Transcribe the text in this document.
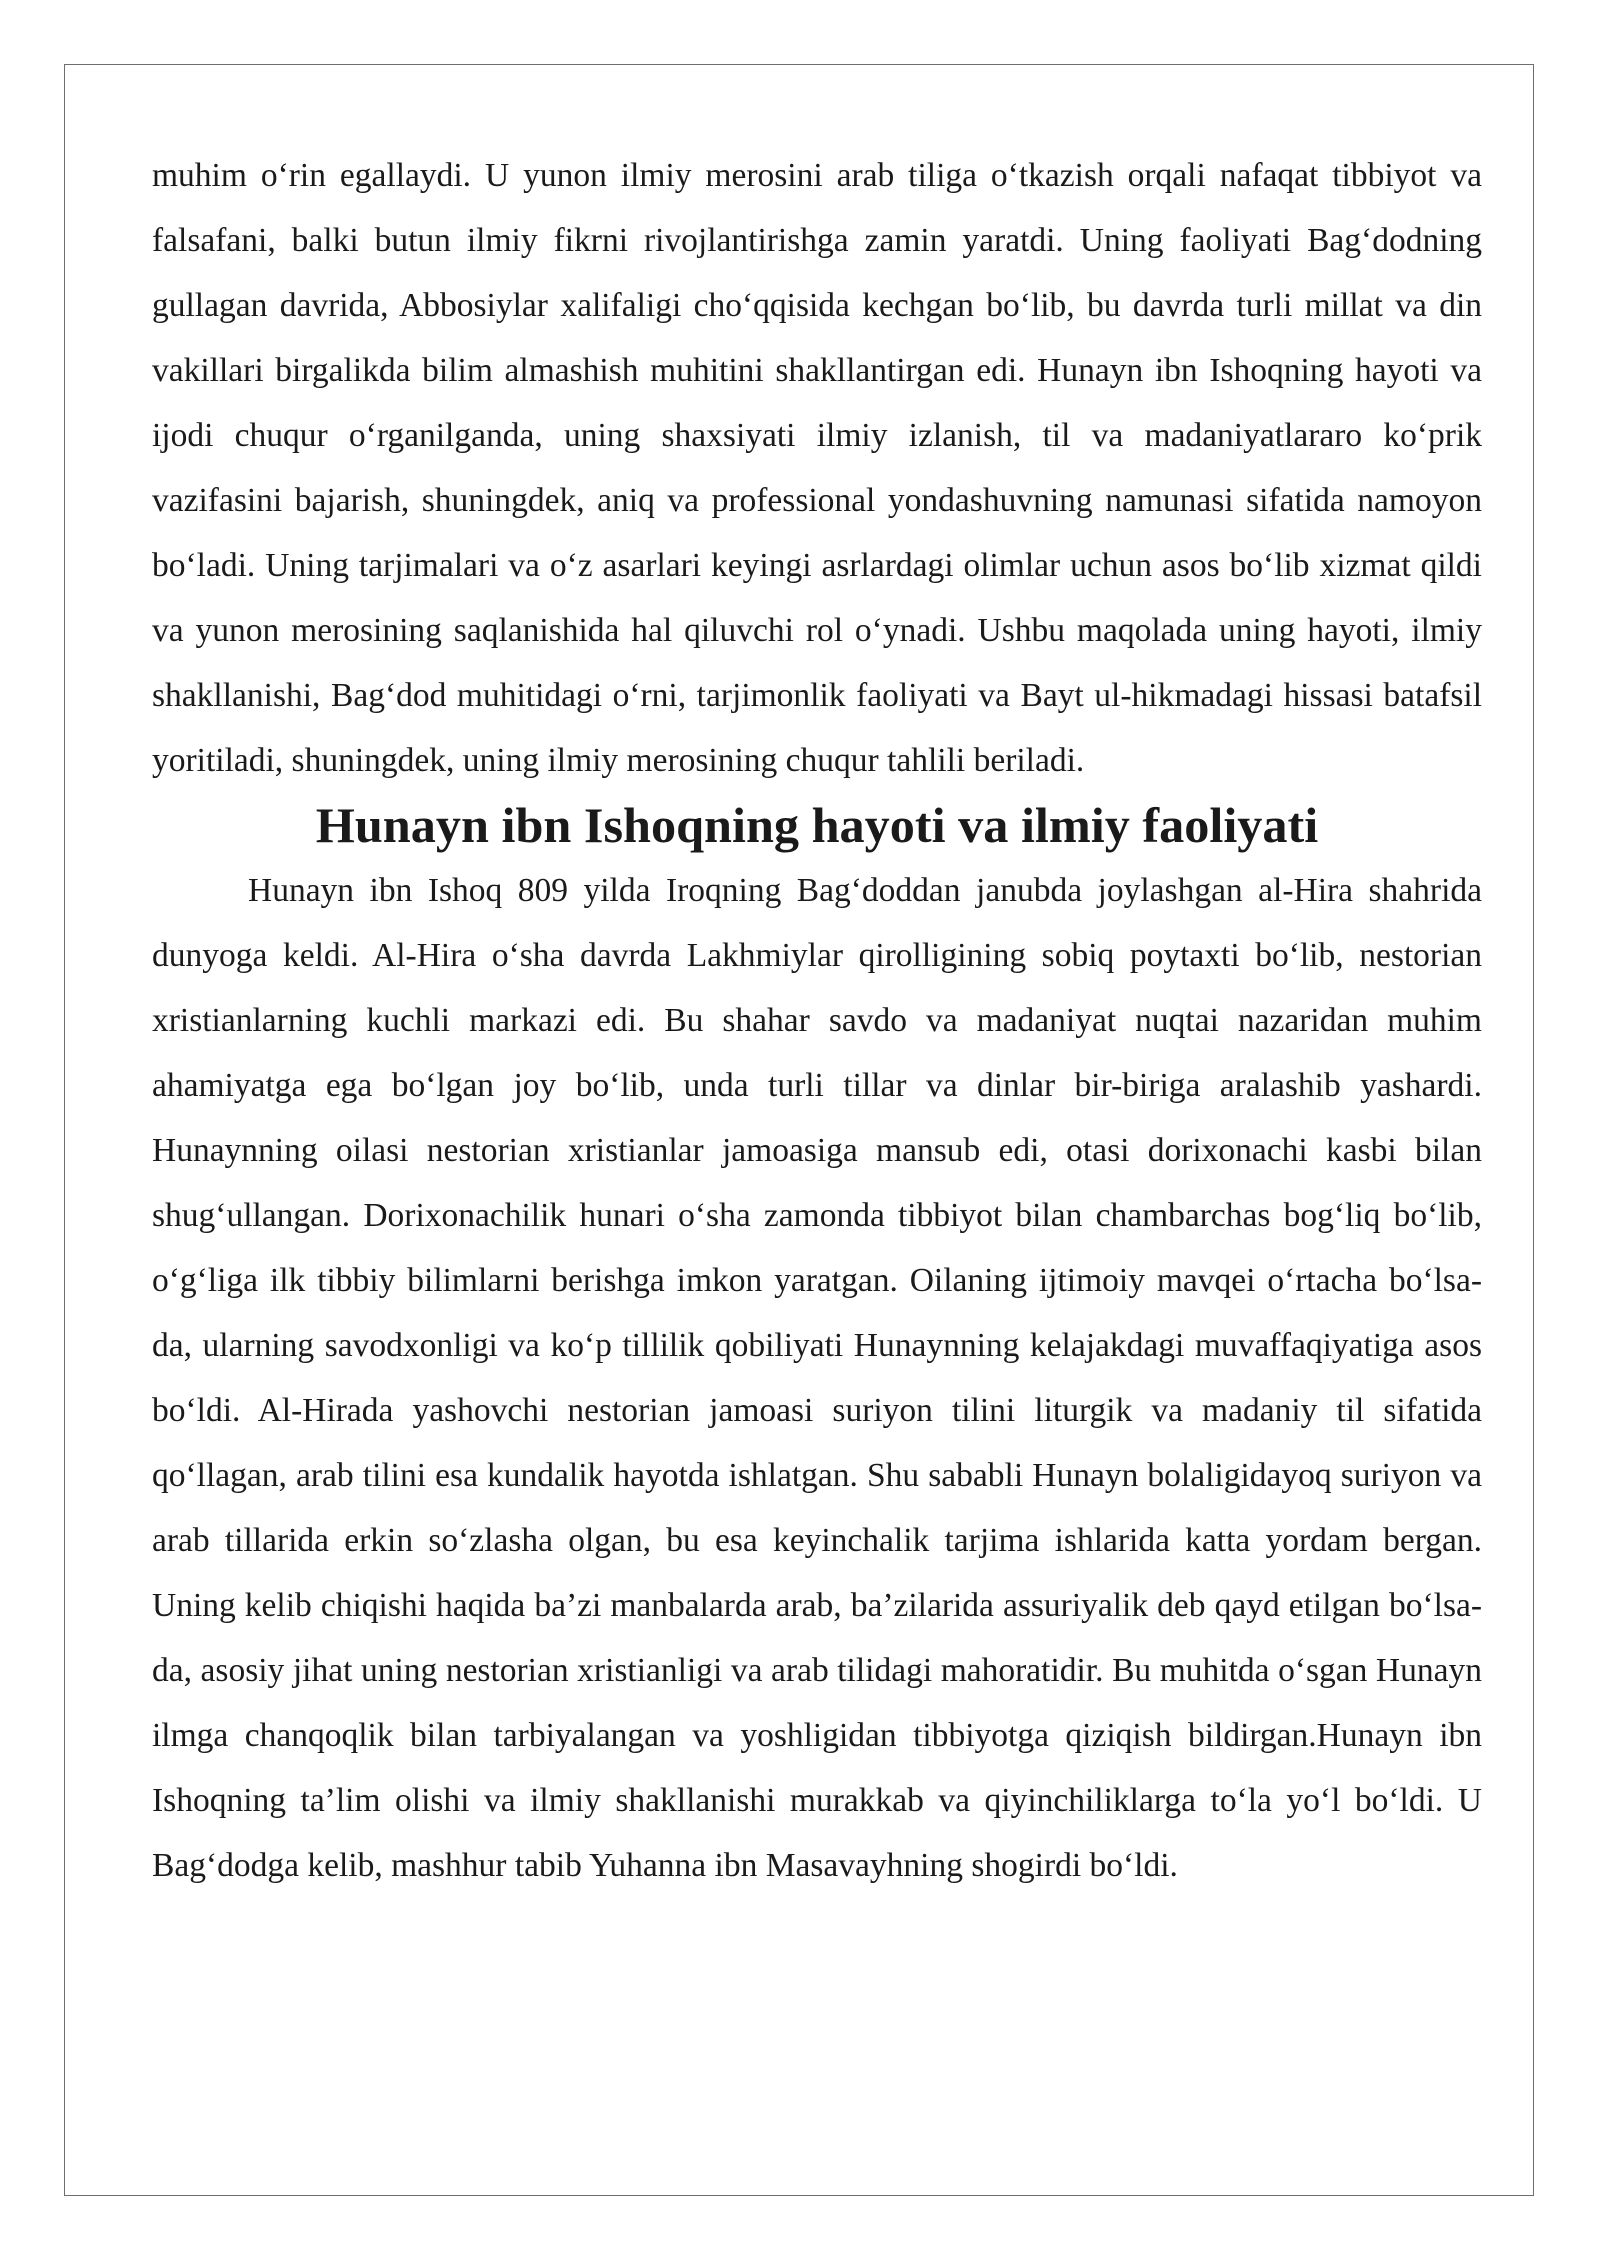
muhim o‘rin egallaydi. U yunon ilmiy merosini arab tiliga o‘tkazish orqali nafaqat tibbiyot va falsafani, balki butun ilmiy fikrni rivojlantirishga zamin yaratdi. Uning faoliyati Bag‘dodning gullagan davrida, Abbosiylar xalifaligi cho‘qqisida kechgan bo‘lib, bu davrda turli millat va din vakillari birgalikda bilim almashish muhitini shakllantirgan edi. Hunayn ibn Ishoqning hayoti va ijodi chuqur o‘rganilganda, uning shaxsiyati ilmiy izlanish, til va madaniyatlararo ko‘prik vazifasini bajarish, shuningdek, aniq va professional yondashuvning namunasi sifatida namoyon bo‘ladi. Uning tarjimalari va o‘z asarlari keyingi asrlardagi olimlar uchun asos bo‘lib xizmat qildi va yunon merosining saqlanishida hal qiluvchi rol o‘ynadi. Ushbu maqolada uning hayoti, ilmiy shakllanishi, Bag‘dod muhitidagi o‘rni, tarjimonlik faoliyati va Bayt ul-hikmadagi hissasi batafsil yoritiladi, shuningdek, uning ilmiy merosining chuqur tahlili beriladi.

Hunayn ibn Ishoqning hayoti va ilmiy faoliyati

Hunayn ibn Ishoq 809 yilda Iroqning Bag‘doddan janubda joylashgan al-Hira shahrida dunyoga keldi. Al-Hira o‘sha davrda Lakhmiylar qirolligining sobiq poytaxti bo‘lib, nestorian xristianlarning kuchli markazi edi. Bu shahar savdo va madaniyat nuqtai nazaridan muhim ahamiyatga ega bo‘lgan joy bo‘lib, unda turli tillar va dinlar bir-biriga aralashib yashardi. Hunaynning oilasi nestorian xristianlar jamoasiga mansub edi, otasi dorixonachi kasbi bilan shug‘ullangan. Dorixonachilik hunari o‘sha zamonda tibbiyot bilan chambarchas bog‘liq bo‘lib, o‘g‘liga ilk tibbiy bilimlarni berishga imkon yaratgan. Oilaning ijtimoiy mavqei o‘rtacha bo‘lsa-da, ularning savodxonligi va ko‘p tillilik qobiliyati Hunaynning kelajakdagi muvaffaqiyatiga asos bo‘ldi. Al-Hirada yashovchi nestorian jamoasi suriyon tilini liturgik va madaniy til sifatida qo‘llagan, arab tilini esa kundalik hayotda ishlatgan. Shu sababli Hunayn bolaligidayoq suriyon va arab tillarida erkin so‘zlasha olgan, bu esa keyinchalik tarjima ishlarida katta yordam bergan. Uning kelib chiqishi haqida ba’zi manbalarda arab, ba’zilarida assuriyalik deb qayd etilgan bo‘lsa-da, asosiy jihat uning nestorian xristianligi va arab tilidagi mahoratidir. Bu muhitda o‘sgan Hunayn ilmga chanqoqlik bilan tarbiyalangan va yoshligidan tibbiyotga qiziqish bildirgan.Hunayn ibn Ishoqning ta’lim olishi va ilmiy shakllanishi murakkab va qiyinchiliklarga to‘la yo‘l bo‘ldi. U Bag‘dodga kelib, mashhur tabib Yuhanna ibn Masavayhning shogirdi bo‘ldi.
